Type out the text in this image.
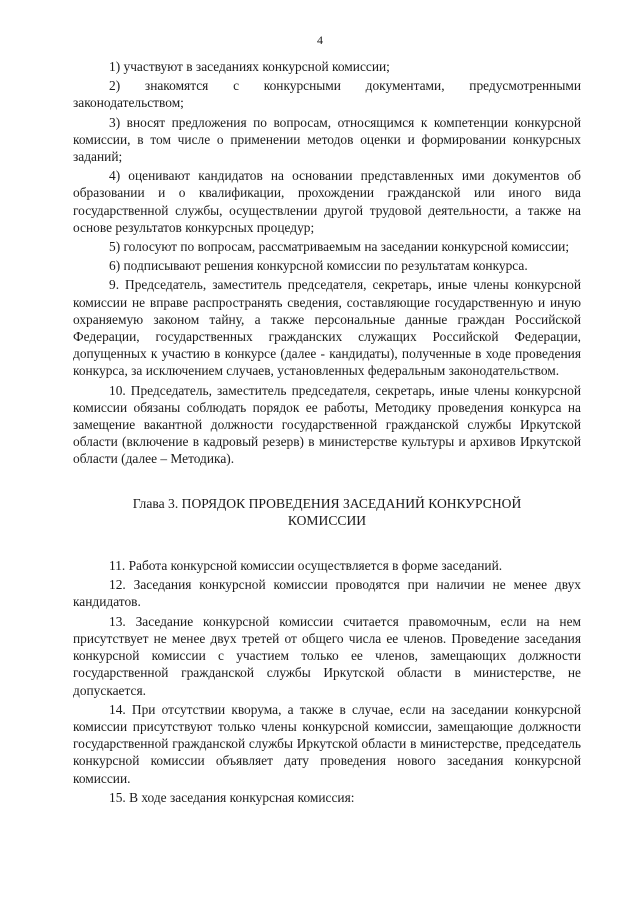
4

1) участвуют в заседаниях конкурсной комиссии;

2) знакомятся с конкурсными документами, предусмотренными законодательством;

3) вносят предложения по вопросам, относящимся к компетенции конкурсной комиссии, в том числе о применении методов оценки и формировании конкурсных заданий;

4) оценивают кандидатов на основании представленных ими документов об образовании и о квалификации, прохождении гражданской или иного вида государственной службы, осуществлении другой трудовой деятельности, а также на основе результатов конкурсных процедур;

5) голосуют по вопросам, рассматриваемым на заседании конкурсной комиссии;

6) подписывают решения конкурсной комиссии по результатам конкурса.

9. Председатель, заместитель председателя, секретарь, иные члены конкурсной комиссии не вправе распространять сведения, составляющие государственную и иную охраняемую законом тайну, а также персональные данные граждан Российской Федерации, государственных гражданских служащих Российской Федерации, допущенных к участию в конкурсе (далее - кандидаты), полученные в ходе проведения конкурса, за исключением случаев, установленных федеральным законодательством.

10. Председатель, заместитель председателя, секретарь, иные члены конкурсной комиссии обязаны соблюдать порядок ее работы, Методику проведения конкурса на замещение вакантной должности государственной гражданской службы Иркутской области (включение в кадровый резерв) в министерстве культуры и архивов Иркутской области (далее – Методика).

Глава 3. ПОРЯДОК ПРОВЕДЕНИЯ ЗАСЕДАНИЙ КОНКУРСНОЙ
КОМИССИИ

11. Работа конкурсной комиссии осуществляется в форме заседаний.

12. Заседания конкурсной комиссии проводятся при наличии не менее двух кандидатов.

13. Заседание конкурсной комиссии считается правомочным, если на нем присутствует не менее двух третей от общего числа ее членов. Проведение заседания конкурсной комиссии с участием только ее членов, замещающих должности государственной гражданской службы Иркутской области в министерстве, не допускается.

14. При отсутствии кворума, а также в случае, если на заседании конкурсной комиссии присутствуют только члены конкурсной комиссии, замещающие должности государственной гражданской службы Иркутской области в министерстве, председатель конкурсной комиссии объявляет дату проведения нового заседания конкурсной комиссии.

15. В ходе заседания конкурсная комиссия:
